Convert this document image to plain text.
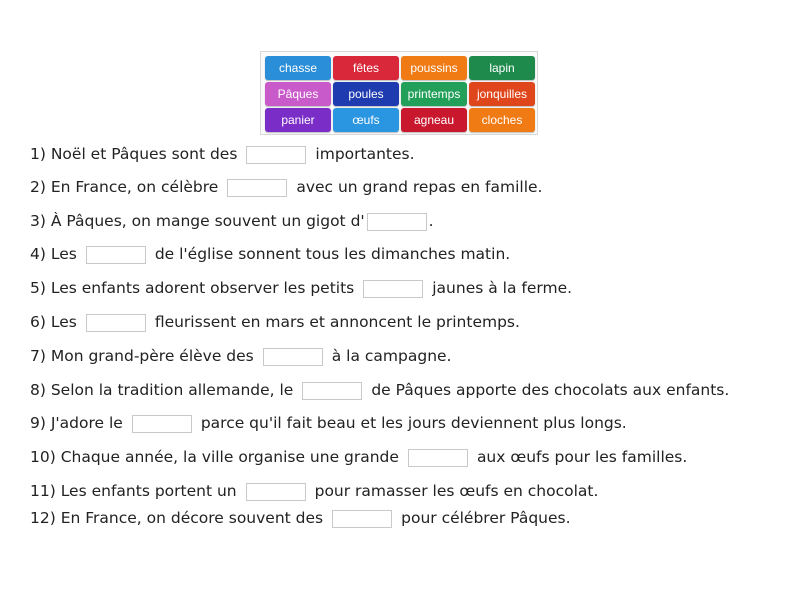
chasse	fêtes	poussins	lapin
Pâques	poules	printemps	jonquilles
panier	œufs	agneau	cloches
1) Noël et Pâques sont des	importantes.
2) En France, on célèbre	avec un grand repas en famille.
3) À Pâques, on mange souvent un gigot d'	.
4) Les	de l'église sonnent tous les dimanches matin.
5) Les enfants adorent observer les petits	jaunes à la ferme.
6) Les	fleurissent en mars et annoncent le printemps.
7) Mon grand-père élève des	à la campagne.
8) Selon la tradition allemande, le	de Pâques apporte des chocolats aux enfants.
9) J'adore le	parce qu'il fait beau et les jours deviennent plus longs.
10) Chaque année, la ville organise une grande	aux œufs pour les familles.
11) Les enfants portent un	pour ramasser les œufs en chocolat.
12) En France, on décore souvent des	pour célébrer Pâques.
